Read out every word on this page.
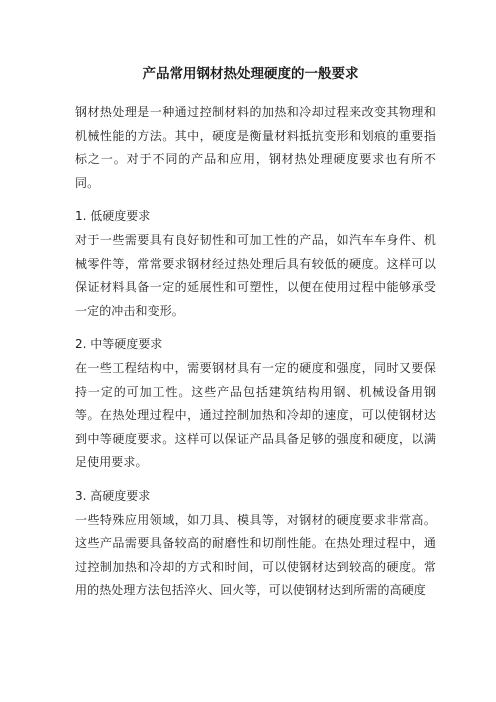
产品常用钢材热处理硬度的一般要求

钢材热处理是一种通过控制材料的加热和冷却过程来改变其物理和机械性能的方法。其中，硬度是衡量材料抵抗变形和划痕的重要指标之一。对于不同的产品和应用，钢材热处理硬度要求也有所不同。

1. 低硬度要求

对于一些需要具有良好韧性和可加工性的产品，如汽车车身件、机械零件等，常常要求钢材经过热处理后具有较低的硬度。这样可以保证材料具备一定的延展性和可塑性，以便在使用过程中能够承受一定的冲击和变形。

2. 中等硬度要求

在一些工程结构中，需要钢材具有一定的硬度和强度，同时又要保持一定的可加工性。这些产品包括建筑结构用钢、机械设备用钢等。在热处理过程中，通过控制加热和冷却的速度，可以使钢材达到中等硬度要求。这样可以保证产品具备足够的强度和硬度，以满足使用要求。

3. 高硬度要求

一些特殊应用领域，如刀具、模具等，对钢材的硬度要求非常高。这些产品需要具备较高的耐磨性和切削性能。在热处理过程中，通过控制加热和冷却的方式和时间，可以使钢材达到较高的硬度。常用的热处理方法包括淬火、回火等，可以使钢材达到所需的高硬度
